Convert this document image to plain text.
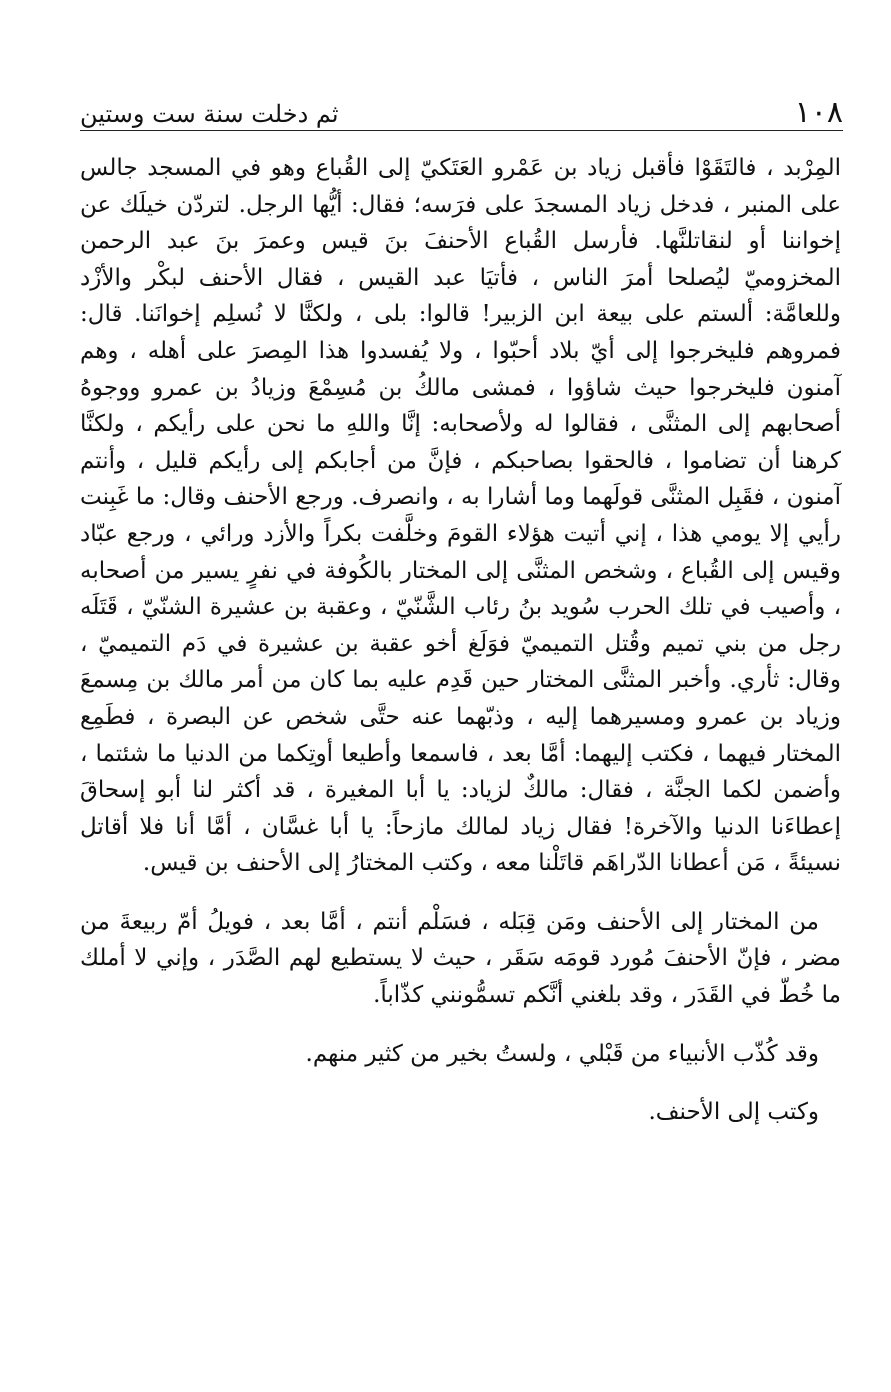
١٠٨
ثم دخلت سنة ست وستين

المِرْبد ، فالتَقَوْا فأقبل زياد بن عَمْرو العَتَكيّ إلى القُباع وهو في المسجد جالس على المنبر ، فدخل زياد المسجدَ على فرَسه؛ فقال: أيُّها الرجل. لتردّن خيلَك عن إخواننا أو لنقاتلنَّها. فأرسل القُباع الأحنفَ بنَ قيس وعمرَ بنَ عبد الرحمن المخزوميّ ليُصلحا أمرَ الناس ، فأتيَا عبد القيس ، فقال الأحنف لبكْر والأزْد وللعامَّة: ألستم على بيعة ابن الزبير! قالوا: بلى ، ولكنَّا لا نُسلِم إخوانَنا. قال: فمروهم فليخرجوا إلى أيّ بلاد أحبّوا ، ولا يُفسدوا هذا المِصرَ على أهله ، وهم آمنون فليخرجوا حيث شاؤوا ، فمشى مالكُ بن مُسِمْعَ وزيادُ بن عمرو ووجوهُ أصحابهم إلى المثنَّى ، فقالوا له ولأصحابه: إنَّا واللهِ ما نحن على رأيكم ، ولكنَّا كرهنا أن تضاموا ، فالحقوا بصاحبكم ، فإنَّ من أجابكم إلى رأيكم قليل ، وأنتم آمنون ، فقَبِل المثنَّى قولَهما وما أشارا به ، وانصرف. ورجع الأحنف وقال: ما غَبِنت رأيي إلا يومي هذا ، إني أتيت هؤلاء القومَ وخلَّفت بكراً والأزد ورائي ، ورجع عبّاد وقيس إلى القُباع ، وشخص المثنَّى إلى المختار بالكُوفة في نفرٍ يسير من أصحابه ، وأصيب في تلك الحرب سُويد بنُ رئاب الشَّنّيّ ، وعقبة بن عشيرة الشنّيّ ، قَتَلَه رجل من بني تميم وقُتل التميميّ فوَلَغ أخو عقبة بن عشيرة في دَم التميميّ ، وقال: ثأري. وأخبر المثنَّى المختار حين قَدِم عليه بما كان من أمر مالك بن مِسمعَ وزياد بن عمرو ومسيرهما إليه ، وذبّهما عنه حتَّى شخص عن البصرة ، فطَمِع المختار فيهما ، فكتب إليهما: أمَّا بعد ، فاسمعا وأطيعا أوتِكما من الدنيا ما شئتما ، وأضمن لكما الجنَّة ، فقال: مالكٌ لزياد: يا أبا المغيرة ، قد أكثر لنا أبو إسحاقَ إعطاءَنا الدنيا والآخرة! فقال زياد لمالك مازحاً: يا أبا غسَّان ، أمَّا أنا فلا أقاتل نسيئةً ، مَن أعطانا الدّراهَم قاتَلْنا معه ، وكتب المختارُ إلى الأحنف بن قيس.

من المختار إلى الأحنف ومَن قِبَله ، فسَلْم أنتم ، أمَّا بعد ، فويلُ أمّ ربيعةَ من مضر ، فإنّ الأحنفَ مُورد قومَه سَقَر ، حيث لا يستطيع لهم الصَّدَر ، وإني لا أملك ما خُطّ في القَدَر ، وقد بلغني أنَّكم تسمُّونني كذّاباً.

وقد كُذّب الأنبياء من قَبْلي ، ولستُ بخير من كثير منهم.

وكتب إلى الأحنف.
